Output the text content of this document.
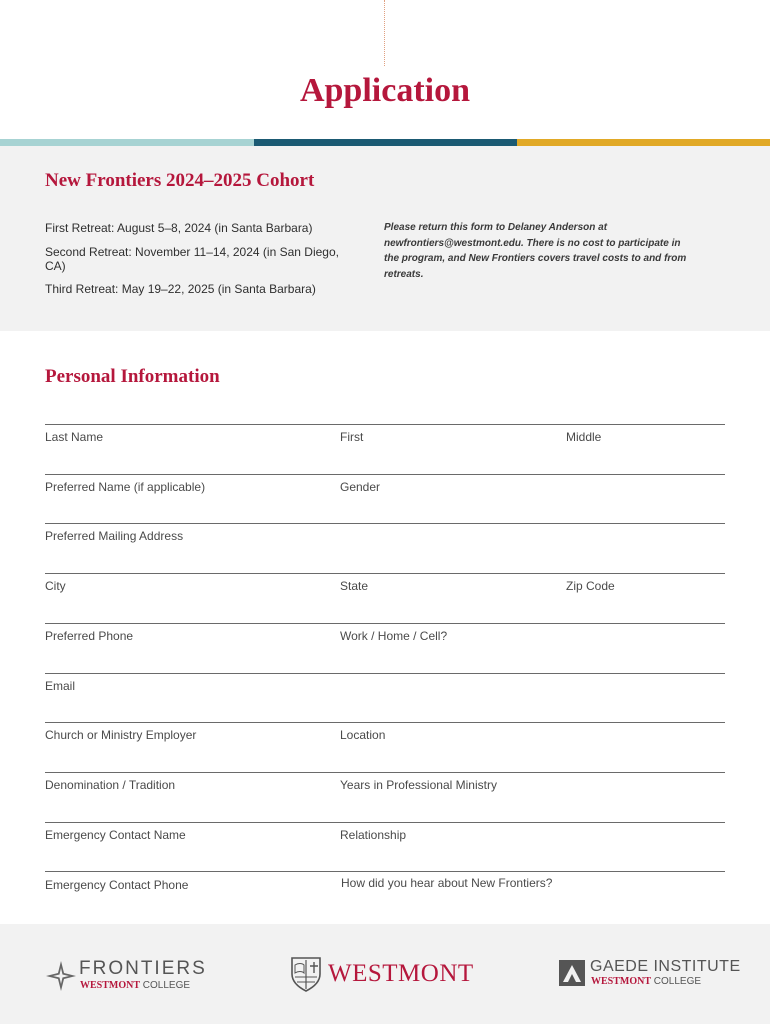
Application
New Frontiers 2024–2025 Cohort

First Retreat: August 5–8, 2024 (in Santa Barbara)

Second Retreat: November 11–14, 2024 (in San Diego, CA)

Third Retreat: May 19–22, 2025 (in Santa Barbara)

Please return this form to Delaney Anderson at newfrontiers@westmont.edu. There is no cost to participate in the program, and New Frontiers covers travel costs to and from retreats.

Personal Information
Last Name	First	Middle
Preferred Name (if applicable)	Gender
Preferred Mailing Address
City	State	Zip Code
Preferred Phone	Work / Home / Cell?
Email
Church or Ministry Employer	Location
Denomination / Tradition	Years in Professional Ministry
Emergency Contact Name	Relationship
Emergency Contact Phone	How did you hear about New Frontiers?
FRONTIERS
WESTMONT COLLEGE	WESTMONT	GAEDE INSTITUTE
WESTMONT COLLEGE
